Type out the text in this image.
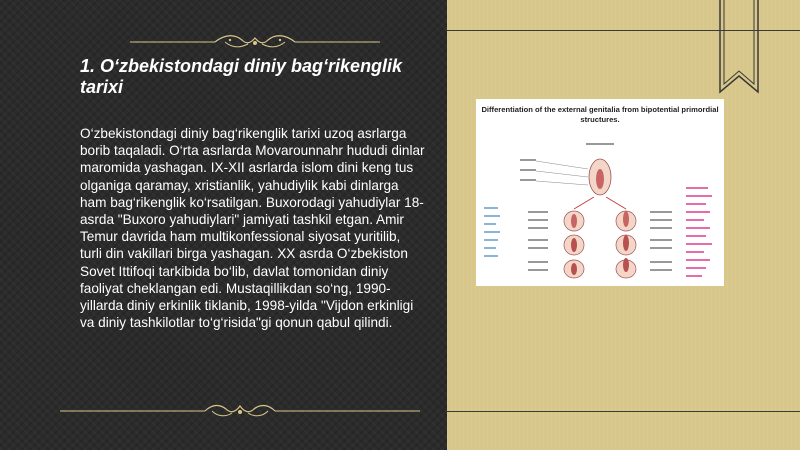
1. O‘zbekistondagi diniy bag‘rikenglik tarixi

O‘zbekistondagi diniy bag‘rikenglik tarixi uzoq asrlarga borib taqaladi. O‘rta asrlarda Movarounnahr hududi dinlar maromida yashagan. IX-XII asrlarda islom dini keng tus olganiga qaramay, xristianlik, yahudiylik kabi dinlarga ham bag‘rikenglik ko‘rsatilgan. Buxorodagi yahudiylar 18-asrda "Buxoro yahudiylari" jamiyati tashkil etgan. Amir Temur davrida ham multikonfessional siyosat yuritilib, turli din vakillari birga yashagan. XX asrda O‘zbekiston Sovet Ittifoqi tarkibida bo‘lib, davlat tomonidan diniy faoliyat cheklangan edi. Mustaqillikdan so‘ng, 1990-yillarda diniy erkinlik tiklanib, 1998-yilda "Vijdon erkinligi va diniy tashkilotlar to‘g‘risida"gi qonun qabul qilindi.

Differentiation of the external genitalia from bipotential primordial structures.
